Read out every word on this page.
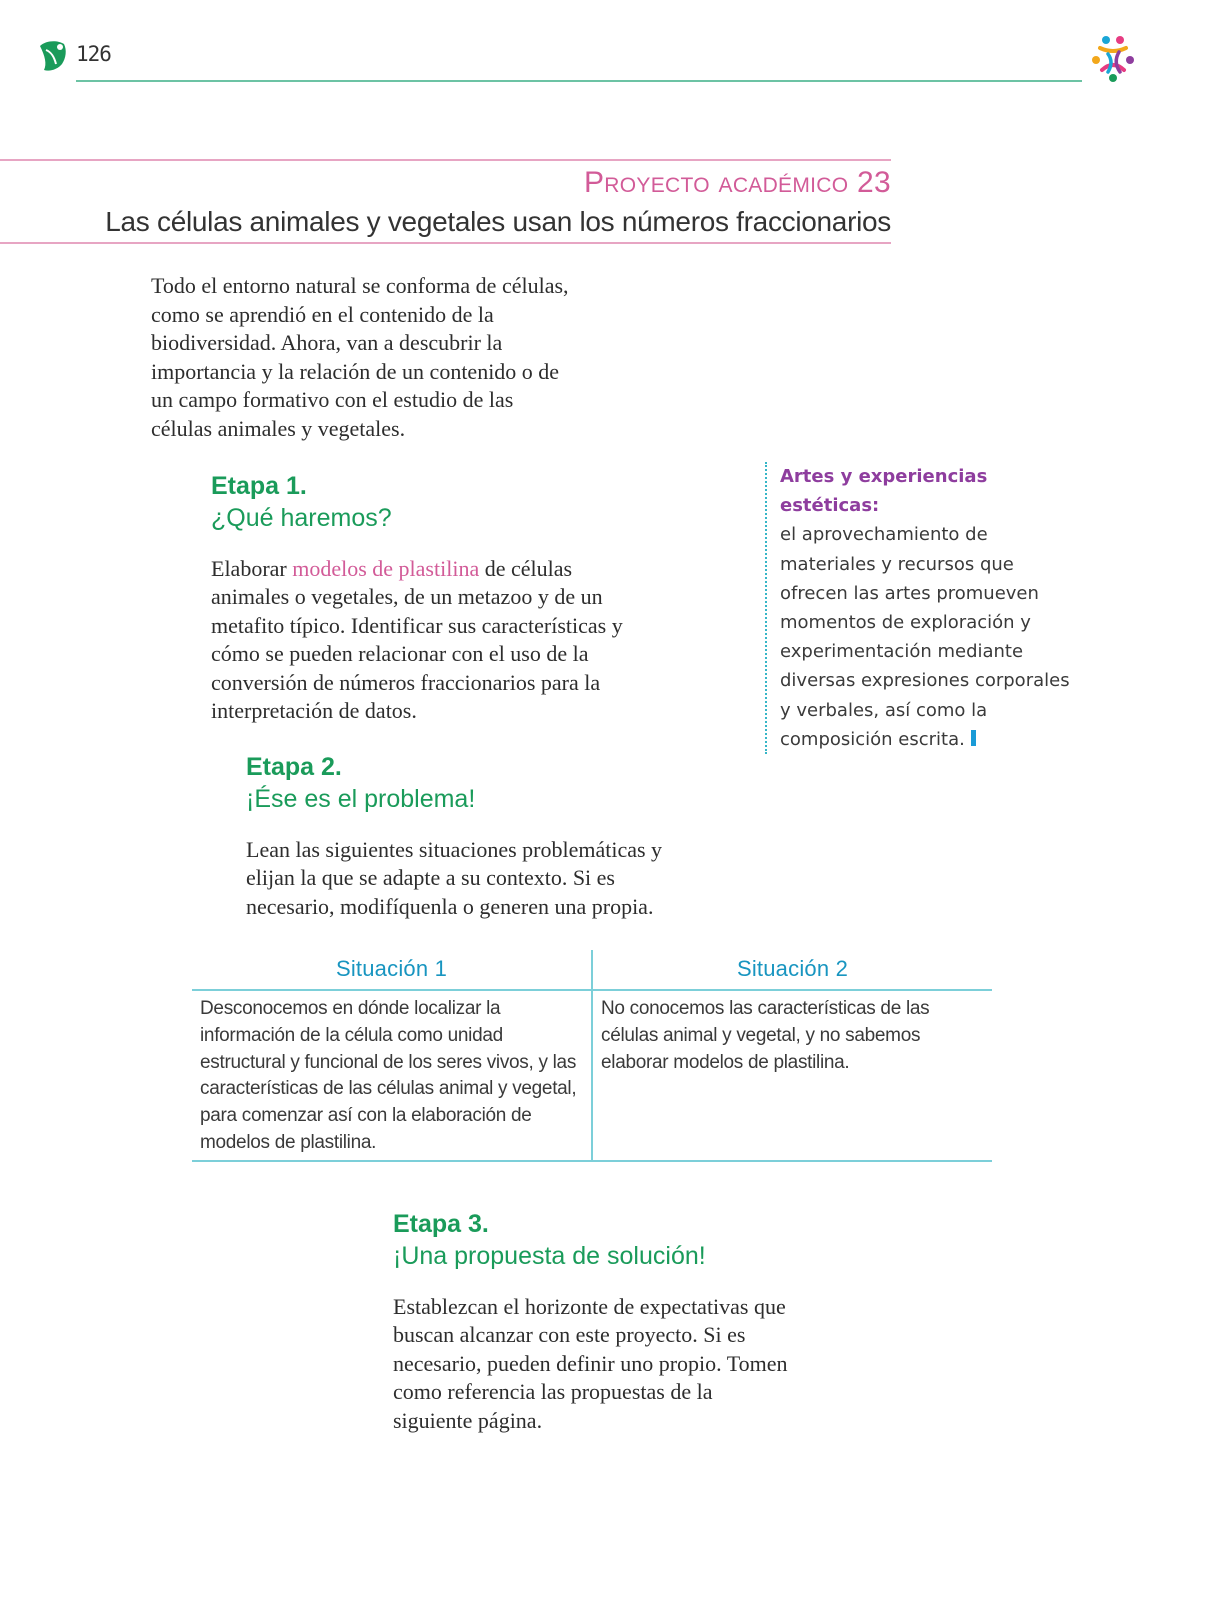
126
Proyecto académico 23
Las células animales y vegetales usan los números fraccionarios
Todo el entorno natural se conforma de células, como se aprendió en el contenido de la biodiversidad. Ahora, van a descubrir la importancia y la relación de un contenido o de un campo formativo con el estudio de las células animales y vegetales.
Etapa 1.
¿Qué haremos?
Elaborar modelos de plastilina de células animales o vegetales, de un metazoo y de un metafito típico. Identificar sus características y cómo se pueden relacionar con el uso de la conversión de números fraccionarios para la interpretación de datos.
Artes y experiencias estéticas:
el aprovechamiento de materiales y recursos que ofrecen las artes promueven momentos de exploración y experimentación mediante diversas expresiones corporales y verbales, así como la composición escrita.
Etapa 2.
¡Ése es el problema!
Lean las siguientes situaciones problemáticas y elijan la que se adapte a su contexto. Si es necesario, modifíquenla o generen una propia.
Situación 1
Desconocemos en dónde localizar la información de la célula como unidad estructural y funcional de los seres vivos, y las características de las células animal y vegetal, para comenzar así con la elaboración de modelos de plastilina.
Situación 2
No conocemos las características de las células animal y vegetal, y no sabemos elaborar modelos de plastilina.
Etapa 3.
¡Una propuesta de solución!
Establezcan el horizonte de expectativas que buscan alcanzar con este proyecto. Si es necesario, pueden definir uno propio. Tomen como referencia las propuestas de la siguiente página.
